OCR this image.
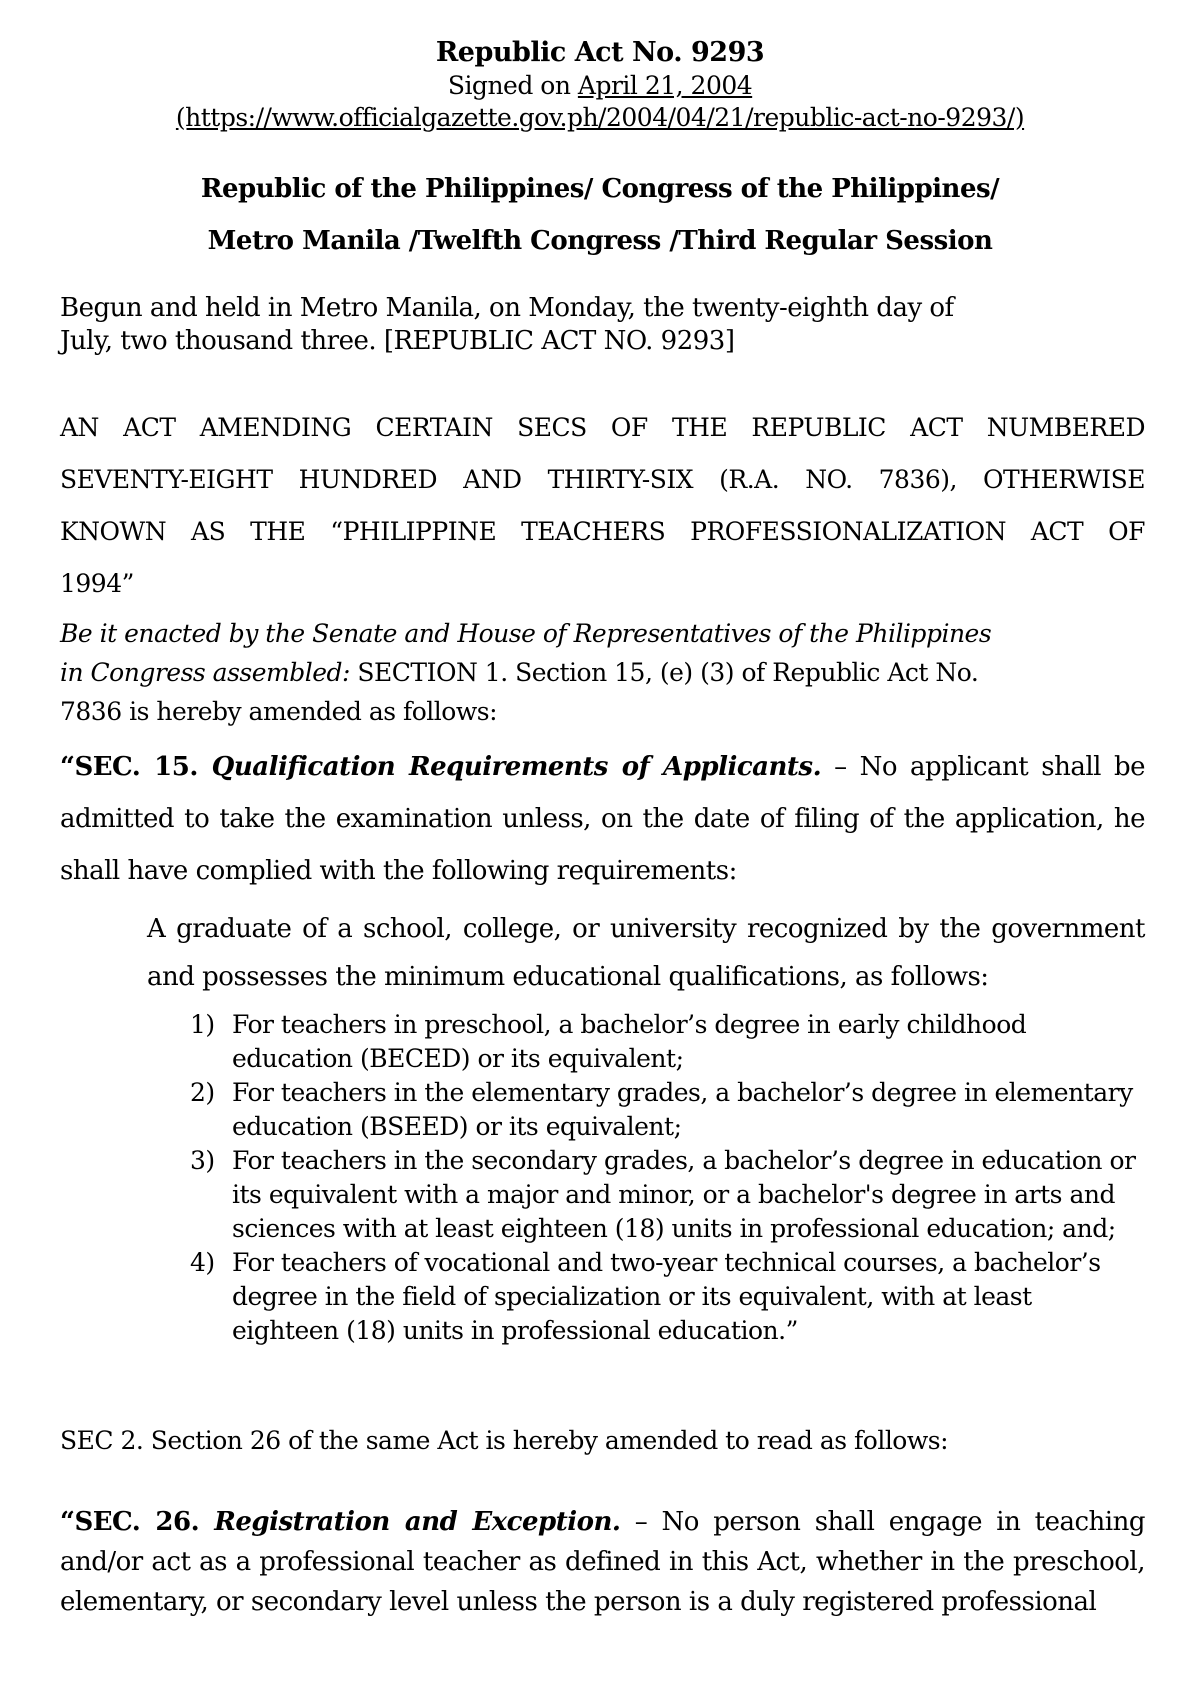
Republic Act No. 9293
Signed on April 21, 2004
(https://www.officialgazette.gov.ph/2004/04/21/republic-act-no-9293/)
Republic of the Philippines/ Congress of the Philippines/
Metro Manila /Twelfth Congress /Third Regular Session
Begun and held in Metro Manila, on Monday, the twenty-eighth day of
July, two thousand three. [REPUBLIC ACT NO. 9293]
AN ACT AMENDING CERTAIN SECS OF THE REPUBLIC ACT NUMBERED
SEVENTY-EIGHT HUNDRED AND THIRTY-SIX (R.A. NO. 7836), OTHERWISE
KNOWN AS THE “PHILIPPINE TEACHERS PROFESSIONALIZATION ACT OF
1994”
Be it enacted by the Senate and House of Representatives of the Philippines
in Congress assembled: SECTION 1. Section 15, (e) (3) of Republic Act No.
7836 is hereby amended as follows:
“SEC. 15. Qualification Requirements of Applicants. – No applicant shall be admitted to take the examination unless, on the date of filing of the application, he shall have complied with the following requirements:
A graduate of a school, college, or university recognized by the government and possesses the minimum educational qualifications, as follows:
1) For teachers in preschool, a bachelor’s degree in early childhood education (BECED) or its equivalent;
2) For teachers in the elementary grades, a bachelor’s degree in elementary education (BSEED) or its equivalent;
3) For teachers in the secondary grades, a bachelor’s degree in education or its equivalent with a major and minor, or a bachelor's degree in arts and sciences with at least eighteen (18) units in professional education; and;
4) For teachers of vocational and two-year technical courses, a bachelor’s degree in the field of specialization or its equivalent, with at least eighteen (18) units in professional education.”
SEC 2. Section 26 of the same Act is hereby amended to read as follows:
“SEC. 26. Registration and Exception. – No person shall engage in teaching and/or act as a professional teacher as defined in this Act, whether in the preschool, elementary, or secondary level unless the person is a duly registered professional
